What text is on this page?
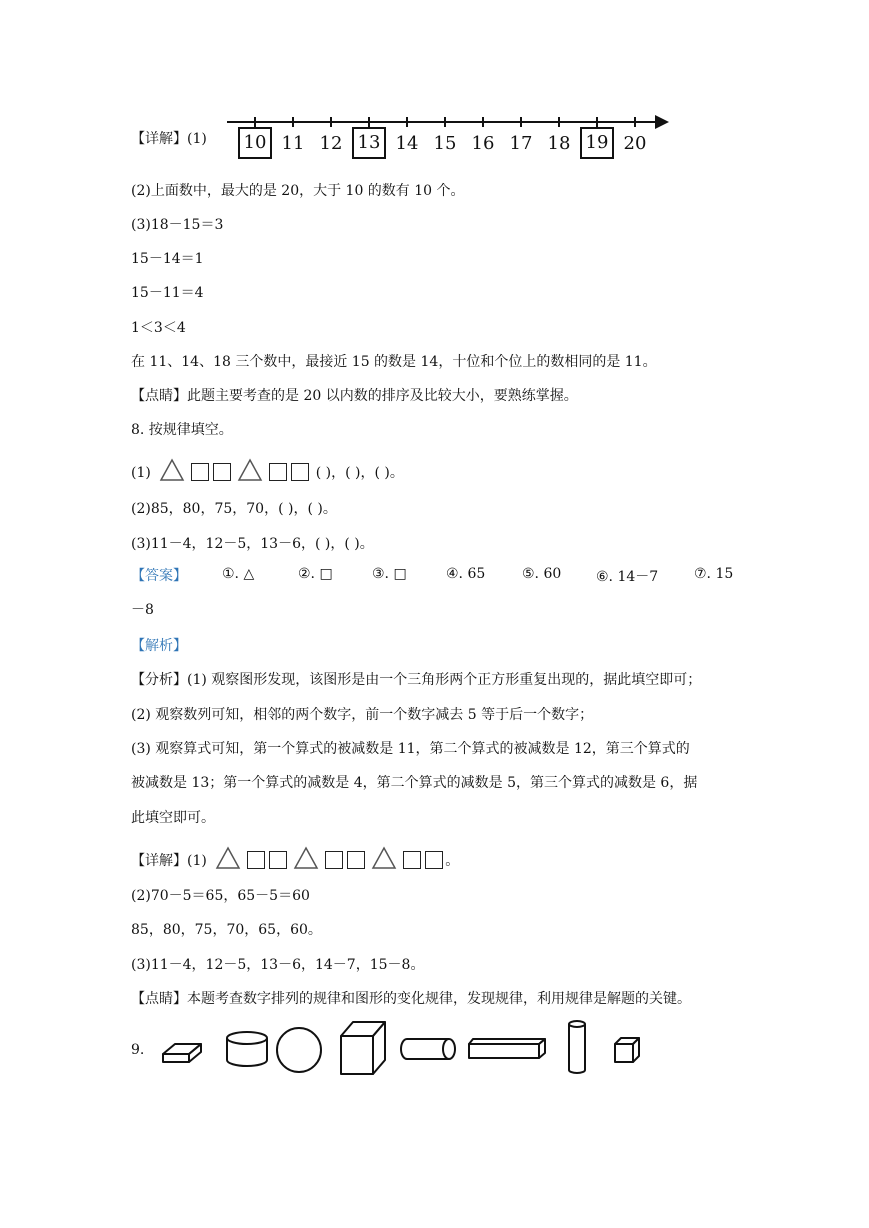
【详解】(1)	10 11 12 13 14 15 16 17 18 19 20
(2)上面数中，最大的是 20，大于 10 的数有 10 个。
(3)18－15＝3
15－14＝1
15－11＝4
1＜3＜4
在 11、14、18 三个数中，最接近 15 的数是 14，十位和个位上的数相同的是 11。
【点睛】此题主要考查的是 20 以内数的排序及比较大小，要熟练掌握。
8. 按规律填空。
(1)	( )，( )，( )。
(2)85，80，75，70，( )，( )。
(3)11－4，12－5，13－6，( )，( )。
【答案】	①. △	②. □	③. □	④. 65	⑤. 60 ⑥. 14－7	⑦. 15
－8
【解析】
【分析】(1) 观察图形发现，该图形是由一个三角形两个正方形重复出现的，据此填空即可；
(2) 观察数列可知，相邻的两个数字，前一个数字减去 5 等于后一个数字；
(3) 观察算式可知，第一个算式的被减数是 11，第二个算式的被减数是 12，第三个算式的
被减数是 13；第一个算式的减数是 4，第二个算式的减数是 5，第三个算式的减数是 6，据
此填空即可。
【详解】(1)	。
(2)70－5＝65，65－5＝60
85，80，75，70，65，60。
(3)11－4，12－5，13－6，14－7，15－8。
【点睛】本题考查数字排列的规律和图形的变化规律，发现规律，利用规律是解题的关键。
9.
